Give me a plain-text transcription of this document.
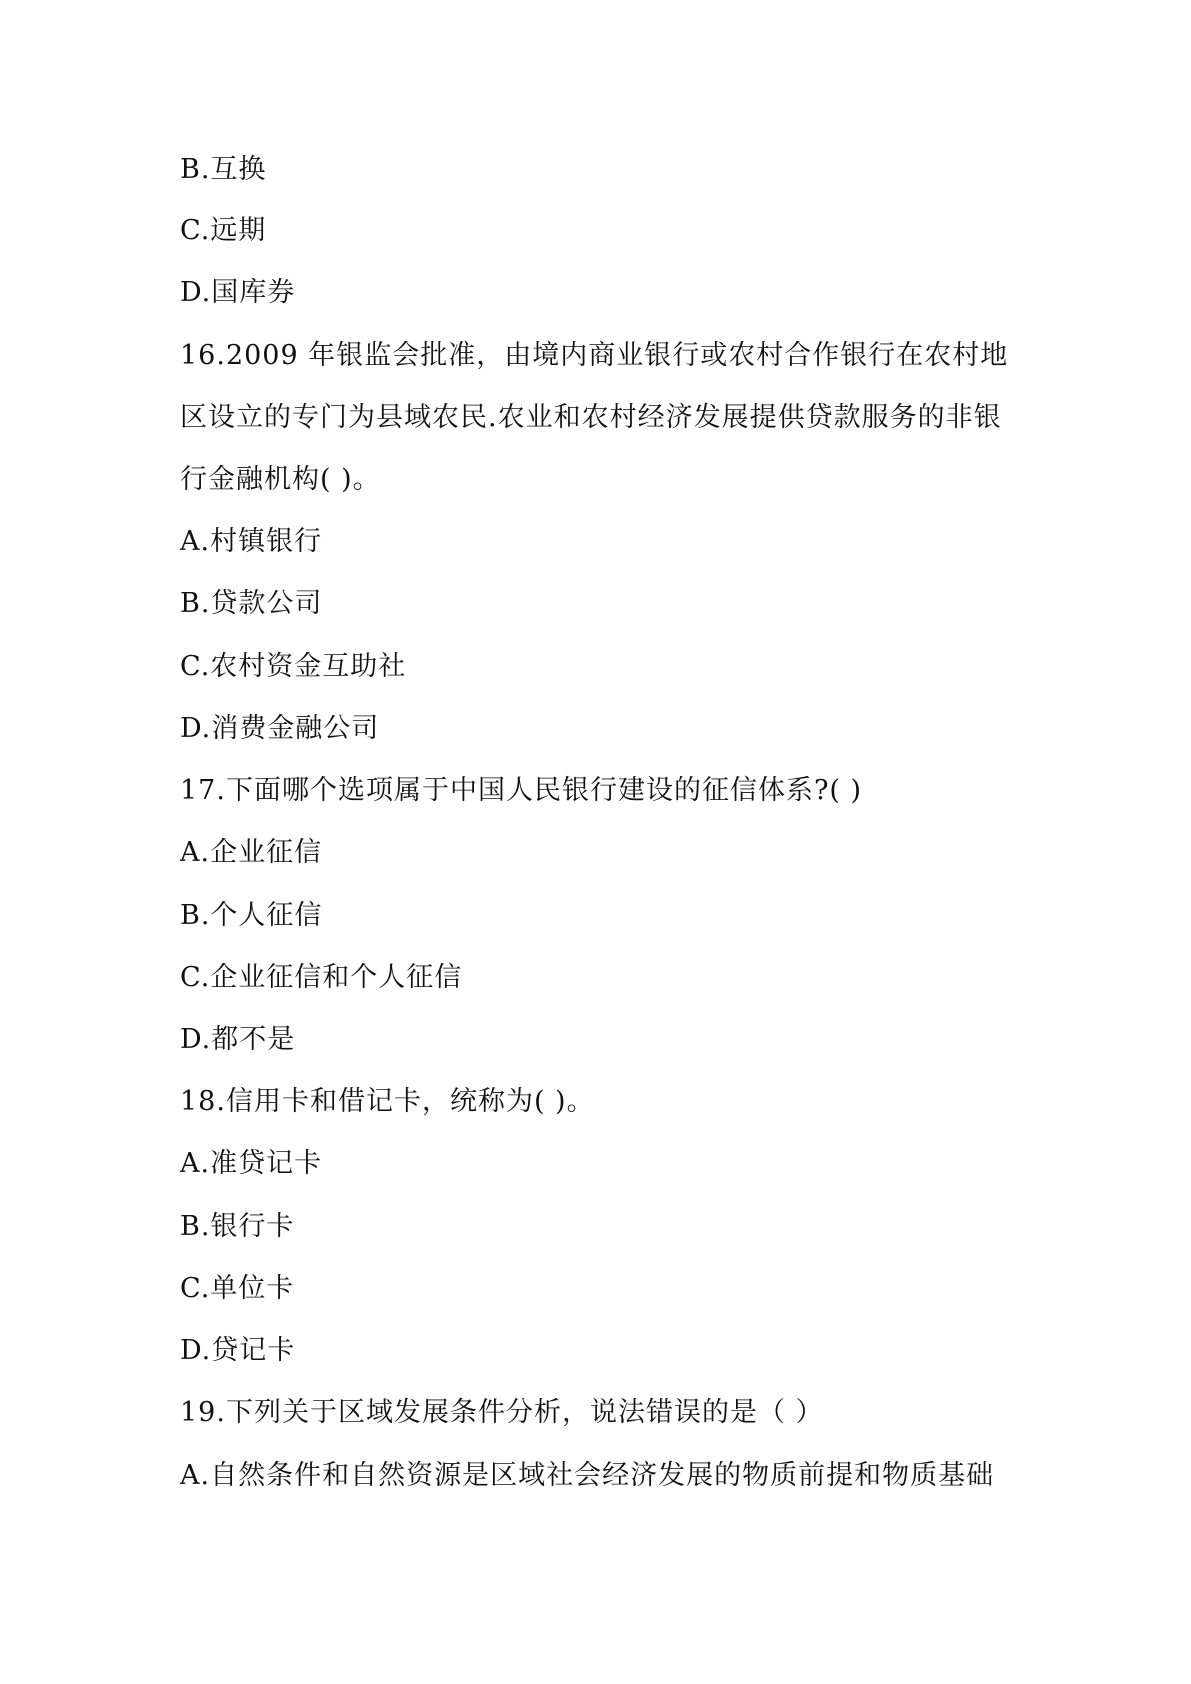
B.互换
C.远期
D.国库券
16.2009 年银监会批准，由境内商业银行或农村合作银行在农村地
区设立的专门为县域农民.农业和农村经济发展提供贷款服务的非银
行金融机构( )。
A.村镇银行
B.贷款公司
C.农村资金互助社
D.消费金融公司
17.下面哪个选项属于中国人民银行建设的征信体系?( )
A.企业征信
B.个人征信
C.企业征信和个人征信
D.都不是
18.信用卡和借记卡，统称为( )。
A.准贷记卡
B.银行卡
C.单位卡
D.贷记卡
19.下列关于区域发展条件分析，说法错误的是（ ）
A.自然条件和自然资源是区域社会经济发展的物质前提和物质基础
